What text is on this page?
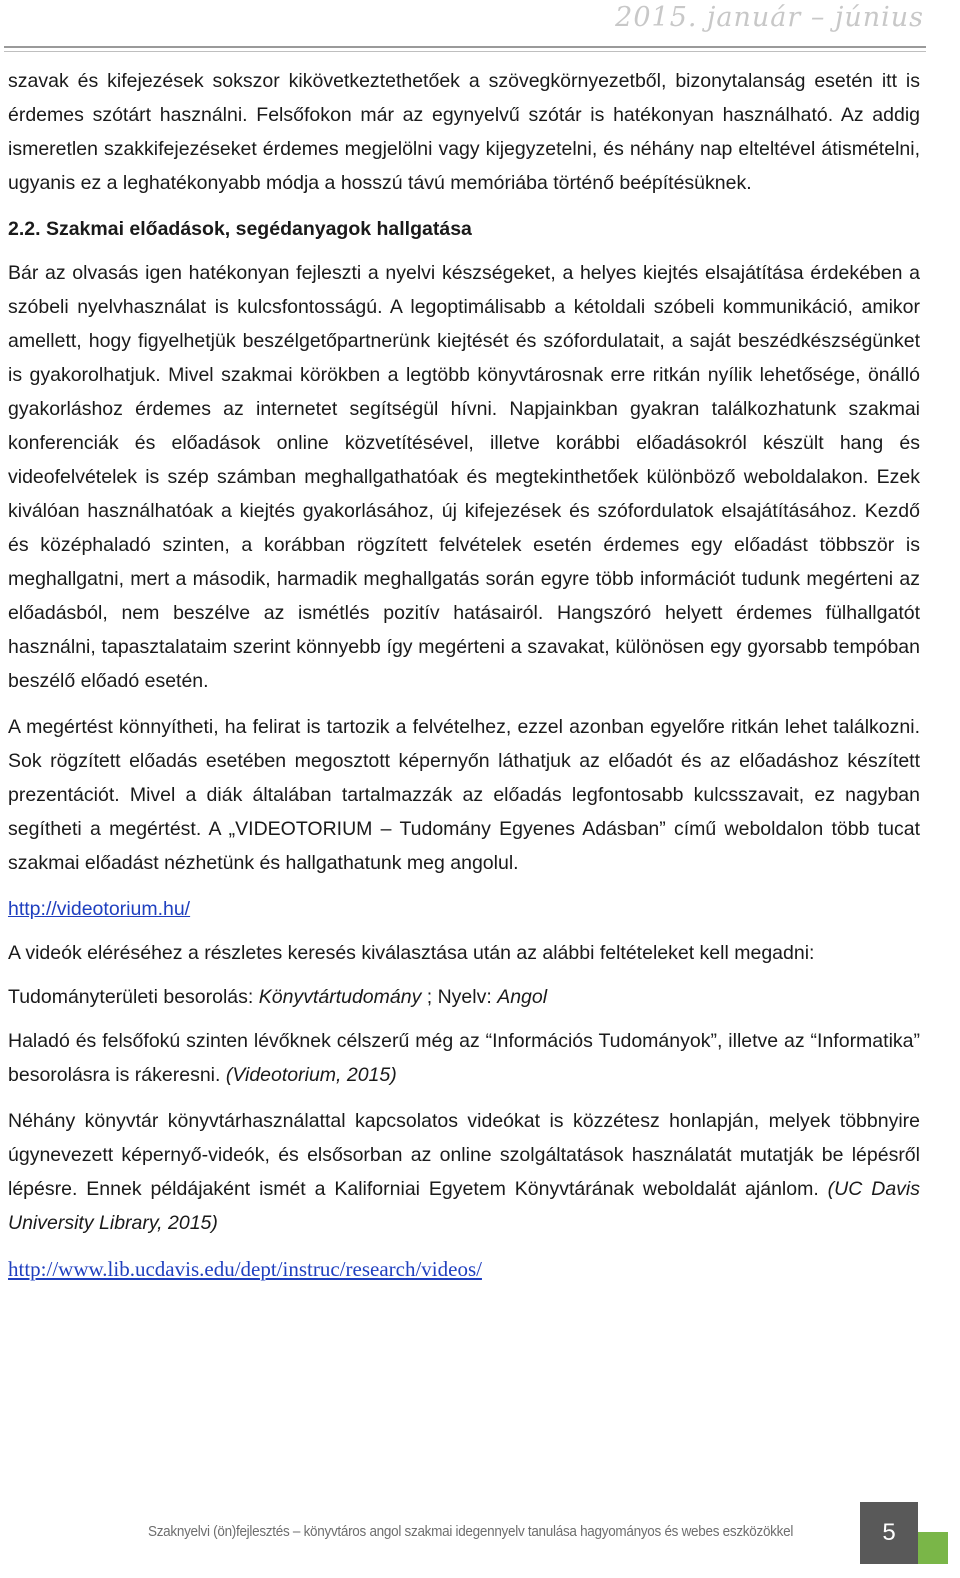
2015. január – június

szavak és kifejezések sokszor kikövetkeztethetőek a szövegkörnyezetből, bizonytalanság esetén itt is érdemes szótárt használni. Felsőfokon már az egynyelvű szótár is hatékonyan használható. Az addig ismeretlen szakkifejezéseket érdemes megjelölni vagy kijegyzetelni, és néhány nap elteltével átismételni, ugyanis ez a leghatékonyabb módja a hosszú távú memóriába történő beépítésüknek.

2.2. Szakmai előadások, segédanyagok hallgatása

Bár az olvasás igen hatékonyan fejleszti a nyelvi készségeket, a helyes kiejtés elsajátítása érdekében a szóbeli nyelvhasználat is kulcsfontosságú. A legoptimálisabb a kétoldali szóbeli kommunikáció, amikor amellett, hogy figyelhetjük beszélgetőpartnerünk kiejtését és szófordulatait, a saját beszédkészségünket is gyakorolhatjuk. Mivel szakmai körökben a legtöbb könyvtárosnak erre ritkán nyílik lehetősége, önálló gyakorláshoz érdemes az internetet segítségül hívni. Napjainkban gyakran találkozhatunk szakmai konferenciák és előadások online közvetítésével, illetve korábbi előadásokról készült hang és videofelvételek is szép számban meghallgathatóak és megtekinthetőek különböző weboldalakon. Ezek kiválóan használhatóak a kiejtés gyakorlásához, új kifejezések és szófordulatok elsajátításához. Kezdő és középhaladó szinten, a korábban rögzített felvételek esetén érdemes egy előadást többször is meghallgatni, mert a második, harmadik meghallgatás során egyre több információt tudunk megérteni az előadásból, nem beszélve az ismétlés pozitív hatásairól. Hangszóró helyett érdemes fülhallgatót használni, tapasztalataim szerint könnyebb így megérteni a szavakat, különösen egy gyorsabb tempóban beszélő előadó esetén.

A megértést könnyítheti, ha felirat is tartozik a felvételhez, ezzel azonban egyelőre ritkán lehet találkozni. Sok rögzített előadás esetében megosztott képernyőn láthatjuk az előadót és az előadáshoz készített prezentációt. Mivel a diák általában tartalmazzák az előadás legfontosabb kulcsszavait, ez nagyban segítheti a megértést. A „VIDEOTORIUM – Tudomány Egyenes Adásban” című weboldalon több tucat szakmai előadást nézhetünk és hallgathatunk meg angolul.

http://videotorium.hu/

A videók eléréséhez a részletes keresés kiválasztása után az alábbi feltételeket kell megadni:

Tudományterületi besorolás: Könyvtártudomány ; Nyelv: Angol

Haladó és felsőfokú szinten lévőknek célszerű még az “Információs Tudományok”, illetve az “Informatika” besorolásra is rákeresni. (Videotorium, 2015)

Néhány könyvtár könyvtárhasználattal kapcsolatos videókat is közzétesz honlapján, melyek többnyire úgynevezett képernyő-videók, és elsősorban az online szolgáltatások használatát mutatják be lépésről lépésre. Ennek példájaként ismét a Kaliforniai Egyetem Könyvtárának weboldalát ajánlom. (UC Davis University Library, 2015)

http://www.lib.ucdavis.edu/dept/instruc/research/videos/

Szaknyelvi (ön)fejlesztés – könyvtáros angol szakmai idegennyelv tanulása hagyományos és webes eszközökkel	5
